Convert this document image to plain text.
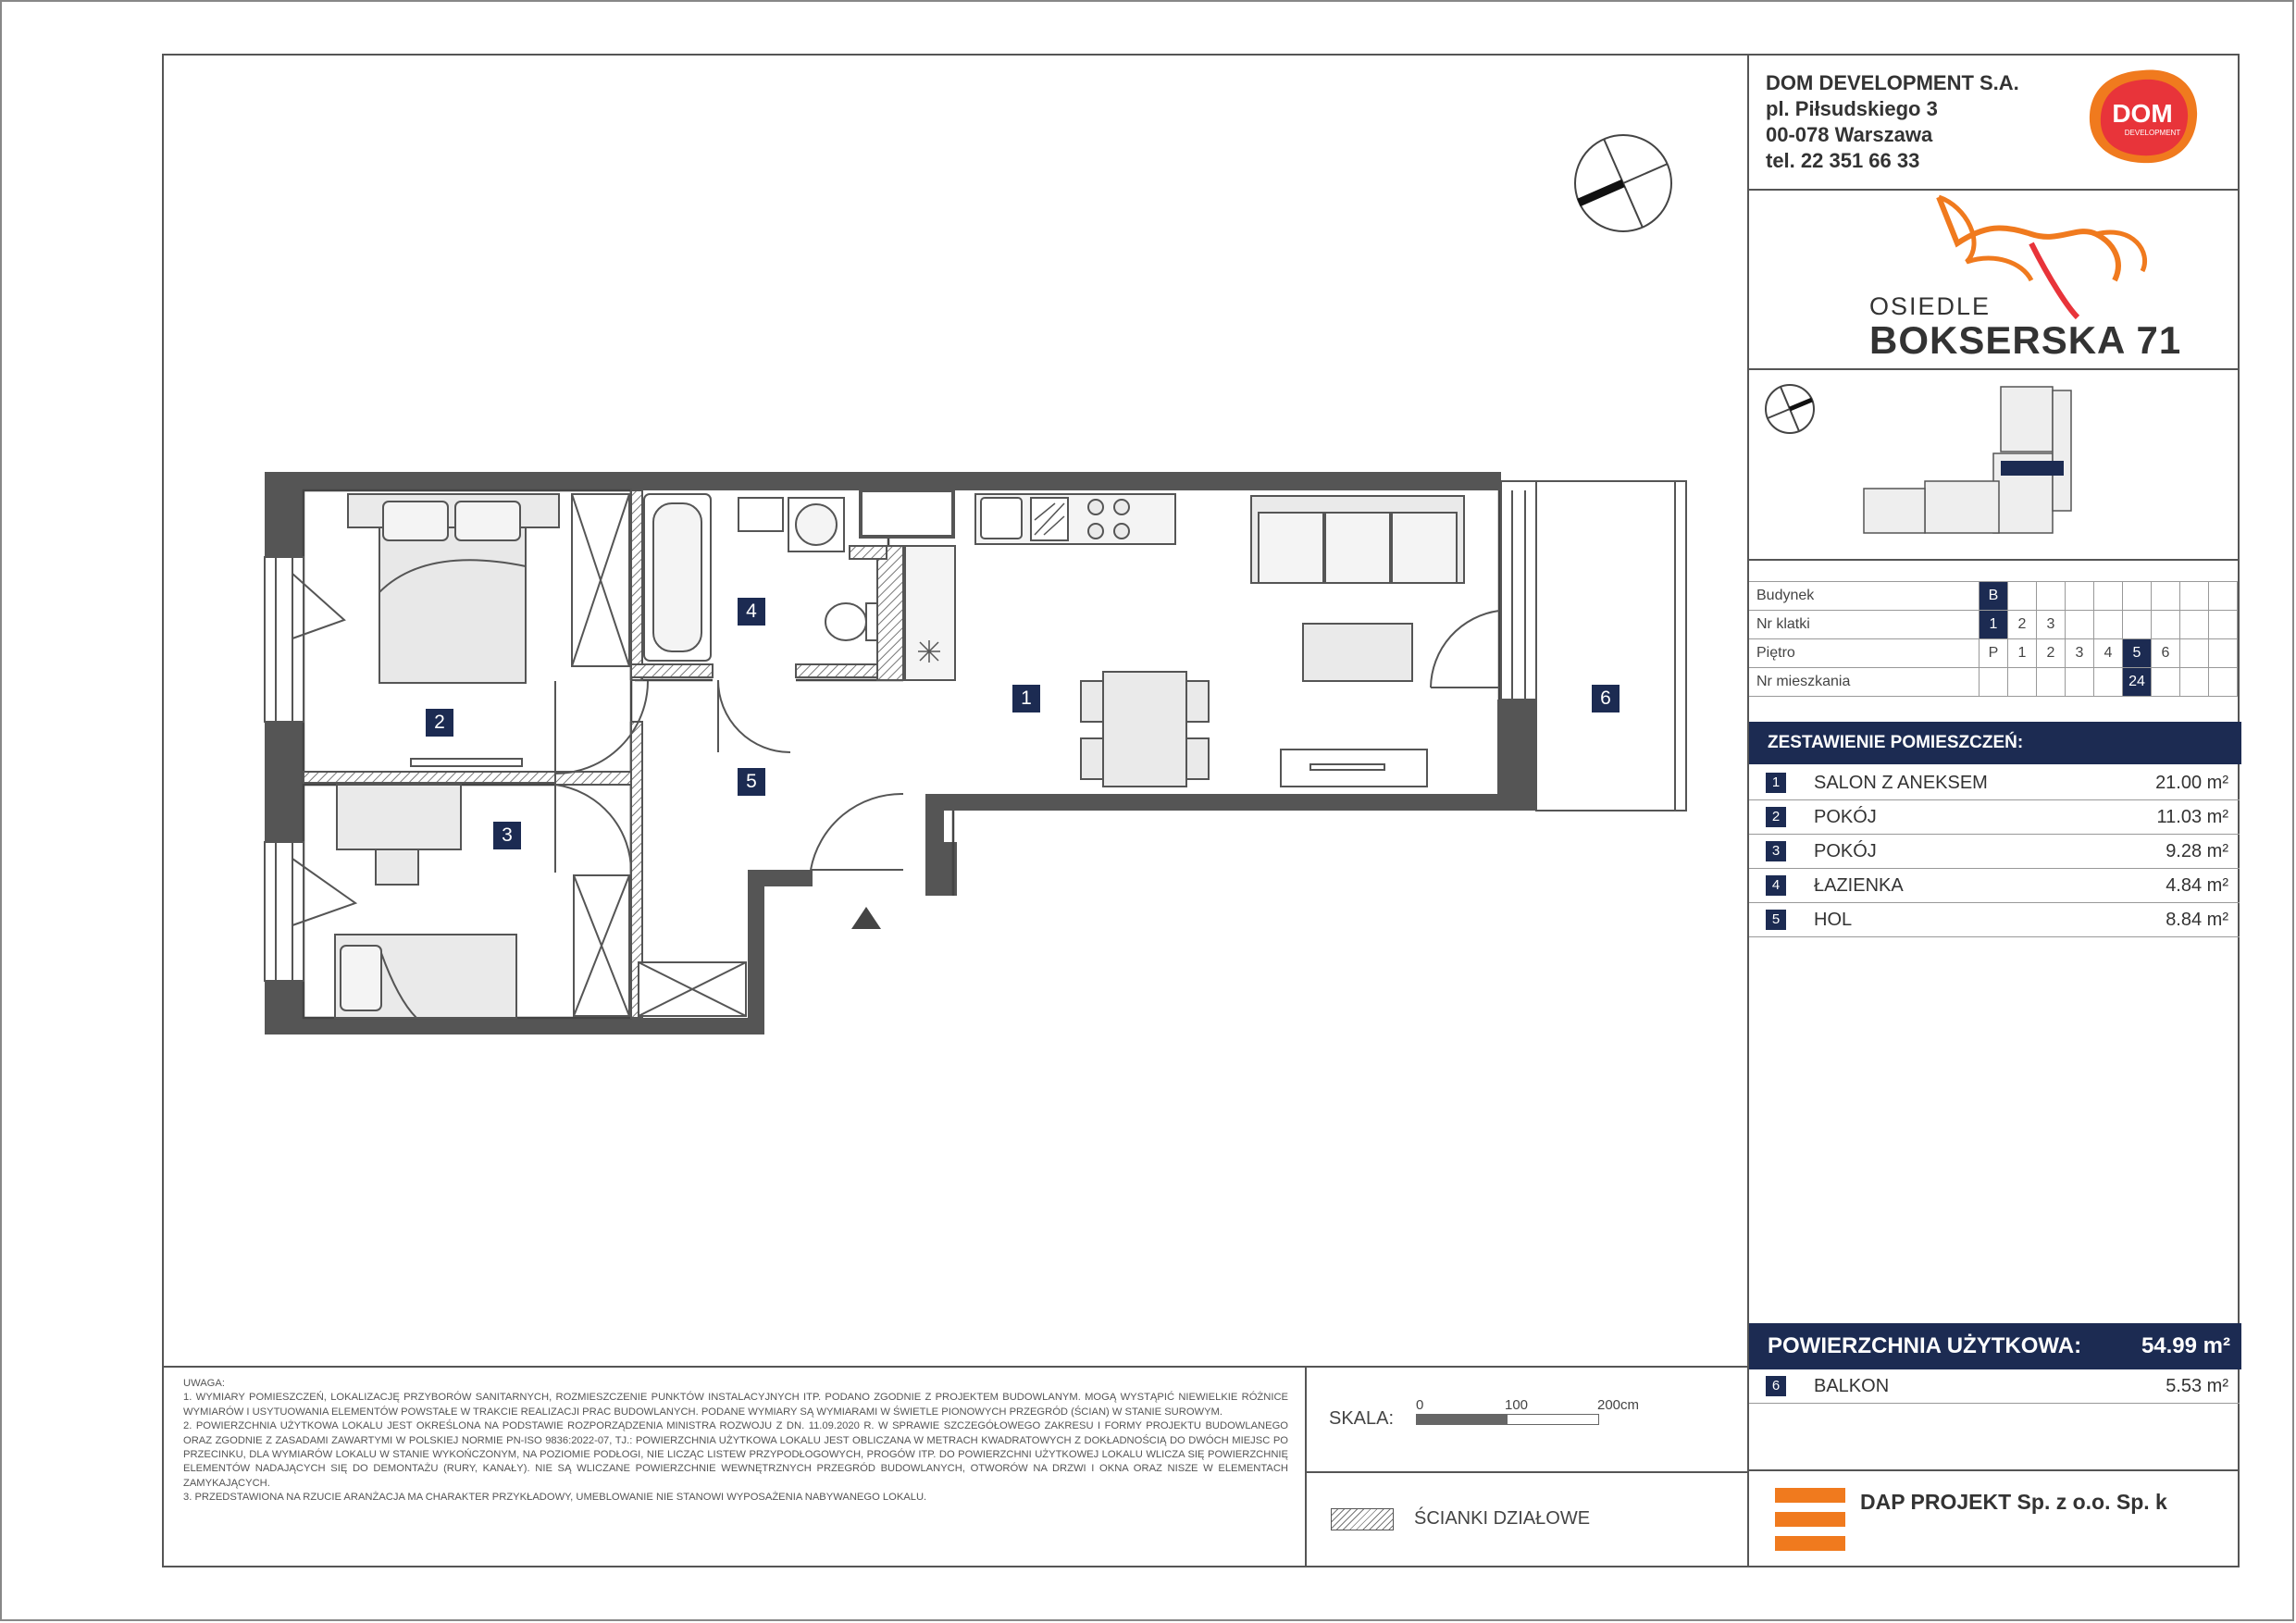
1
2
3
4
5
6
UWAGA:
1. WYMIARY POMIESZCZEŃ, LOKALIZACJĘ PRZYBORÓW SANITARNYCH, ROZMIESZCZENIE PUNKTÓW INSTALACYJNYCH ITP. PODANO ZGODNIE Z PROJEKTEM BUDOWLANYM. MOGĄ WYSTĄPIĆ NIEWIELKIE RÓŻNICE WYMIARÓW I USYTUOWANIA ELEMENTÓW POWSTAŁE W TRAKCIE REALIZACJI PRAC BUDOWLANYCH. PODANE WYMIARY SĄ WYMIARAMI W ŚWIETLE PIONOWYCH PRZEGRÓD (ŚCIAN) W STANIE SUROWYM.
2. POWIERZCHNIA UŻYTKOWA LOKALU JEST OKREŚLONA NA PODSTAWIE ROZPORZĄDZENIA MINISTRA ROZWOJU Z DN. 11.09.2020 R. W SPRAWIE SZCZEGÓŁOWEGO ZAKRESU I FORMY PROJEKTU BUDOWLANEGO ORAZ ZGODNIE Z ZASADAMI ZAWARTYMI W POLSKIEJ NORMIE PN-ISO 9836:2022-07, TJ.: POWIERZCHNIA UŻYTKOWA LOKALU JEST OBLICZANA W METRACH KWADRATOWYCH Z DOKŁADNOŚCIĄ DO DWÓCH MIEJSC PO PRZECINKU, DLA WYMIARÓW LOKALU W STANIE WYKOŃCZONYM, NA POZIOMIE PODŁOGI, NIE LICZĄC LISTEW PRZYPODŁOGOWYCH, PROGÓW ITP. DO POWIERZCHNI UŻYTKOWEJ LOKALU WLICZA SIĘ POWIERZCHNIĘ ELEMENTÓW NADAJĄCYCH SIĘ DO DEMONTAŻU (RURY, KANAŁY). NIE SĄ WLICZANE POWIERZCHNIE WEWNĘTRZNYCH PRZEGRÓD BUDOWLANYCH, OTWORÓW NA DRZWI I OKNA ORAZ NISZE W ELEMENTACH ZAMYKAJĄCYCH.
3. PRZEDSTAWIONA NA RZUCIE ARANŻACJA MA CHARAKTER PRZYKŁADOWY, UMEBLOWANIE NIE STANOWI WYPOSAŻENIA NABYWANEGO LOKALU.
SKALA:
0	100	200cm
ŚCIANKI DZIAŁOWE
DOM DEVELOPMENT S.A.
pl. Piłsudskiego 3
00-078 Warszawa
tel. 22 351 66 33
DOM
DEVELOPMENT
OSIEDLE
BOKSERSKA 71
Budynek	B								
Nr klatki	1	2	3						
Piętro	P	1	2	3	4	5	6		
Nr mieszkania						24			
ZESTAWIENIE POMIESZCZEŃ:
1	SALON Z ANEKSEM	21.00 m²
2	POKÓJ	11.03 m²
3	POKÓJ	9.28 m²
4	ŁAZIENKA	4.84 m²
5	HOL	8.84 m²
POWIERZCHNIA UŻYTKOWA:	54.99 m²
6	BALKON	5.53 m²
DAP PROJEKT Sp. z o.o. Sp. k
